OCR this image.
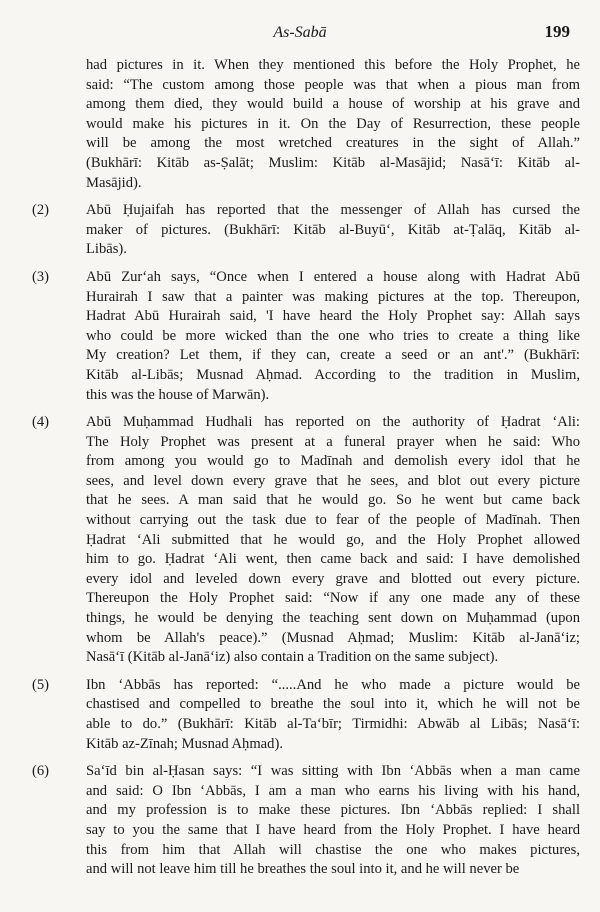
As-Sabā	199
had pictures in it. When they mentioned this before the Holy Prophet, he
said: “The custom among those people was that when a pious man from
among them died, they would build a house of worship at his grave and
would make his pictures in it. On the Day of Resurrection, these people
will be among the most wretched creatures in the sight of Allah.”
(Bukhārī: Kitāb as-Ṣalāt; Muslim: Kitāb al-Masājid; Nasā‘ī: Kitāb al-
Masājid).
(2)	Abū Ḥujaifah has reported that the messenger of Allah has cursed the
maker of pictures. (Bukhārī: Kitāb al-Buyū‘, Kitāb at-Ṭalāq, Kitāb al-
Libās).
(3)	Abū Zur‘ah says, “Once when I entered a house along with Hadrat Abū
Hurairah I saw that a painter was making pictures at the top. Thereupon,
Hadrat Abū Hurairah said, 'I have heard the Holy Prophet say: Allah says
who could be more wicked than the one who tries to create a thing like
My creation? Let them, if they can, create a seed or an ant'.” (Bukhārī:
Kitāb al-Libās; Musnad Aḥmad. According to the tradition in Muslim,
this was the house of Marwān).
(4)	Abū Muḥammad Hudhali has reported on the authority of Ḥadrat ‘Ali:
The Holy Prophet was present at a funeral prayer when he said: Who
from among you would go to Madīnah and demolish every idol that he
sees, and level down every grave that he sees, and blot out every picture
that he sees. A man said that he would go. So he went but came back
without carrying out the task due to fear of the people of Madīnah. Then
Ḥadrat ‘Ali submitted that he would go, and the Holy Prophet allowed
him to go. Ḥadrat ‘Ali went, then came back and said: I have demolished
every idol and leveled down every grave and blotted out every picture.
Thereupon the Holy Prophet said: “Now if any one made any of these
things, he would be denying the teaching sent down on Muḥammad (upon
whom be Allah's peace).” (Musnad Aḥmad; Muslim: Kitāb al-Janā‘iz;
Nasā‘ī (Kitāb al-Janā‘iz) also contain a Tradition on the same subject).
(5)	Ibn ‘Abbās has reported: “.....And he who made a picture would be
chastised and compelled to breathe the soul into it, which he will not be
able to do.” (Bukhārī: Kitāb al-Ta‘bīr; Tirmidhi: Abwāb al Libās; Nasā‘ī:
Kitāb az-Zīnah; Musnad Aḥmad).
(6)	Sa‘īd bin al-Ḥasan says: “I was sitting with Ibn ‘Abbās when a man came
and said: O Ibn ‘Abbās, I am a man who earns his living with his hand,
and my profession is to make these pictures. Ibn ‘Abbās replied: I shall
say to you the same that I have heard from the Holy Prophet. I have heard
this from him that Allah will chastise the one who makes pictures,
and will not leave him till he breathes the soul into it, and he will never be
